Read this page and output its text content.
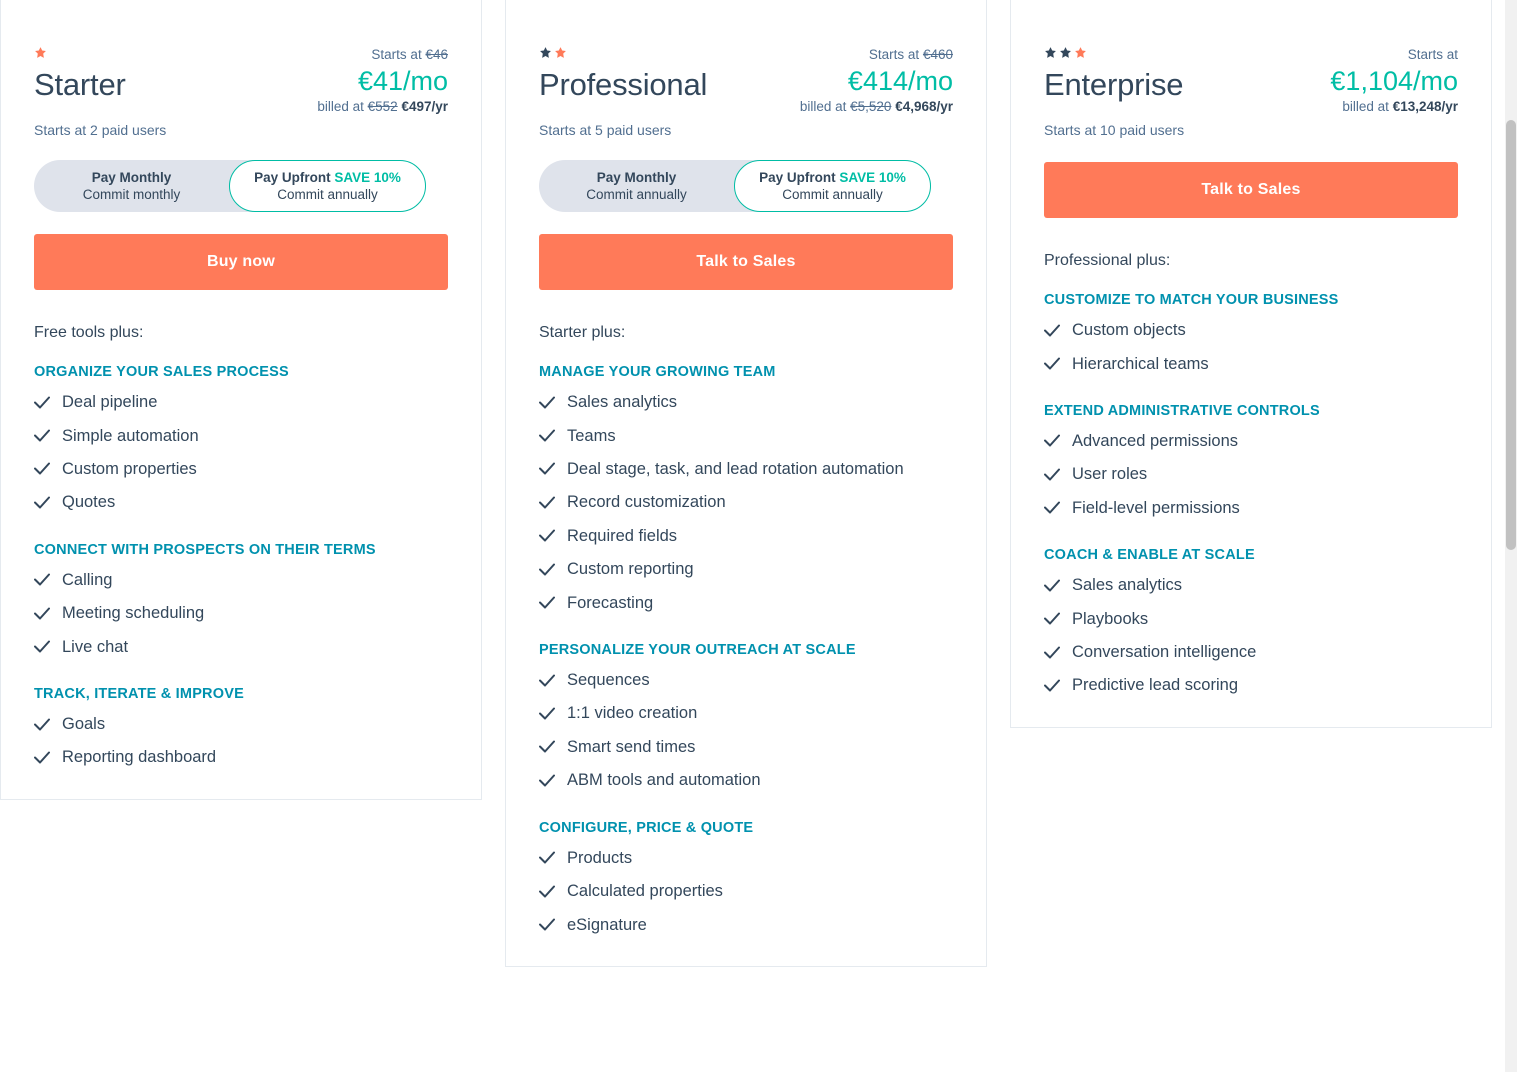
Starter
Starts at €46
€41/mo
billed at €552 €497/yr
Starts at 2 paid users
Pay Monthly
Commit monthly
Pay Upfront SAVE 10%
Commit annually
Buy now
Free tools plus:
ORGANIZE YOUR SALES PROCESS
Deal pipeline
Simple automation
Custom properties
Quotes
CONNECT WITH PROSPECTS ON THEIR TERMS
Calling
Meeting scheduling
Live chat
TRACK, ITERATE & IMPROVE
Goals
Reporting dashboard
Professional
Starts at €460
€414/mo
billed at €5,520 €4,968/yr
Starts at 5 paid users
Pay Monthly
Commit annually
Pay Upfront SAVE 10%
Commit annually
Talk to Sales
Starter plus:
MANAGE YOUR GROWING TEAM
Sales analytics
Teams
Deal stage, task, and lead rotation automation
Record customization
Required fields
Custom reporting
Forecasting
PERSONALIZE YOUR OUTREACH AT SCALE
Sequences
1:1 video creation
Smart send times
ABM tools and automation
CONFIGURE, PRICE & QUOTE
Products
Calculated properties
eSignature
Enterprise
Starts at
€1,104/mo
billed at €13,248/yr
Starts at 10 paid users
Talk to Sales
Professional plus:
CUSTOMIZE TO MATCH YOUR BUSINESS
Custom objects
Hierarchical teams
EXTEND ADMINISTRATIVE CONTROLS
Advanced permissions
User roles
Field-level permissions
COACH & ENABLE AT SCALE
Sales analytics
Playbooks
Conversation intelligence
Predictive lead scoring
